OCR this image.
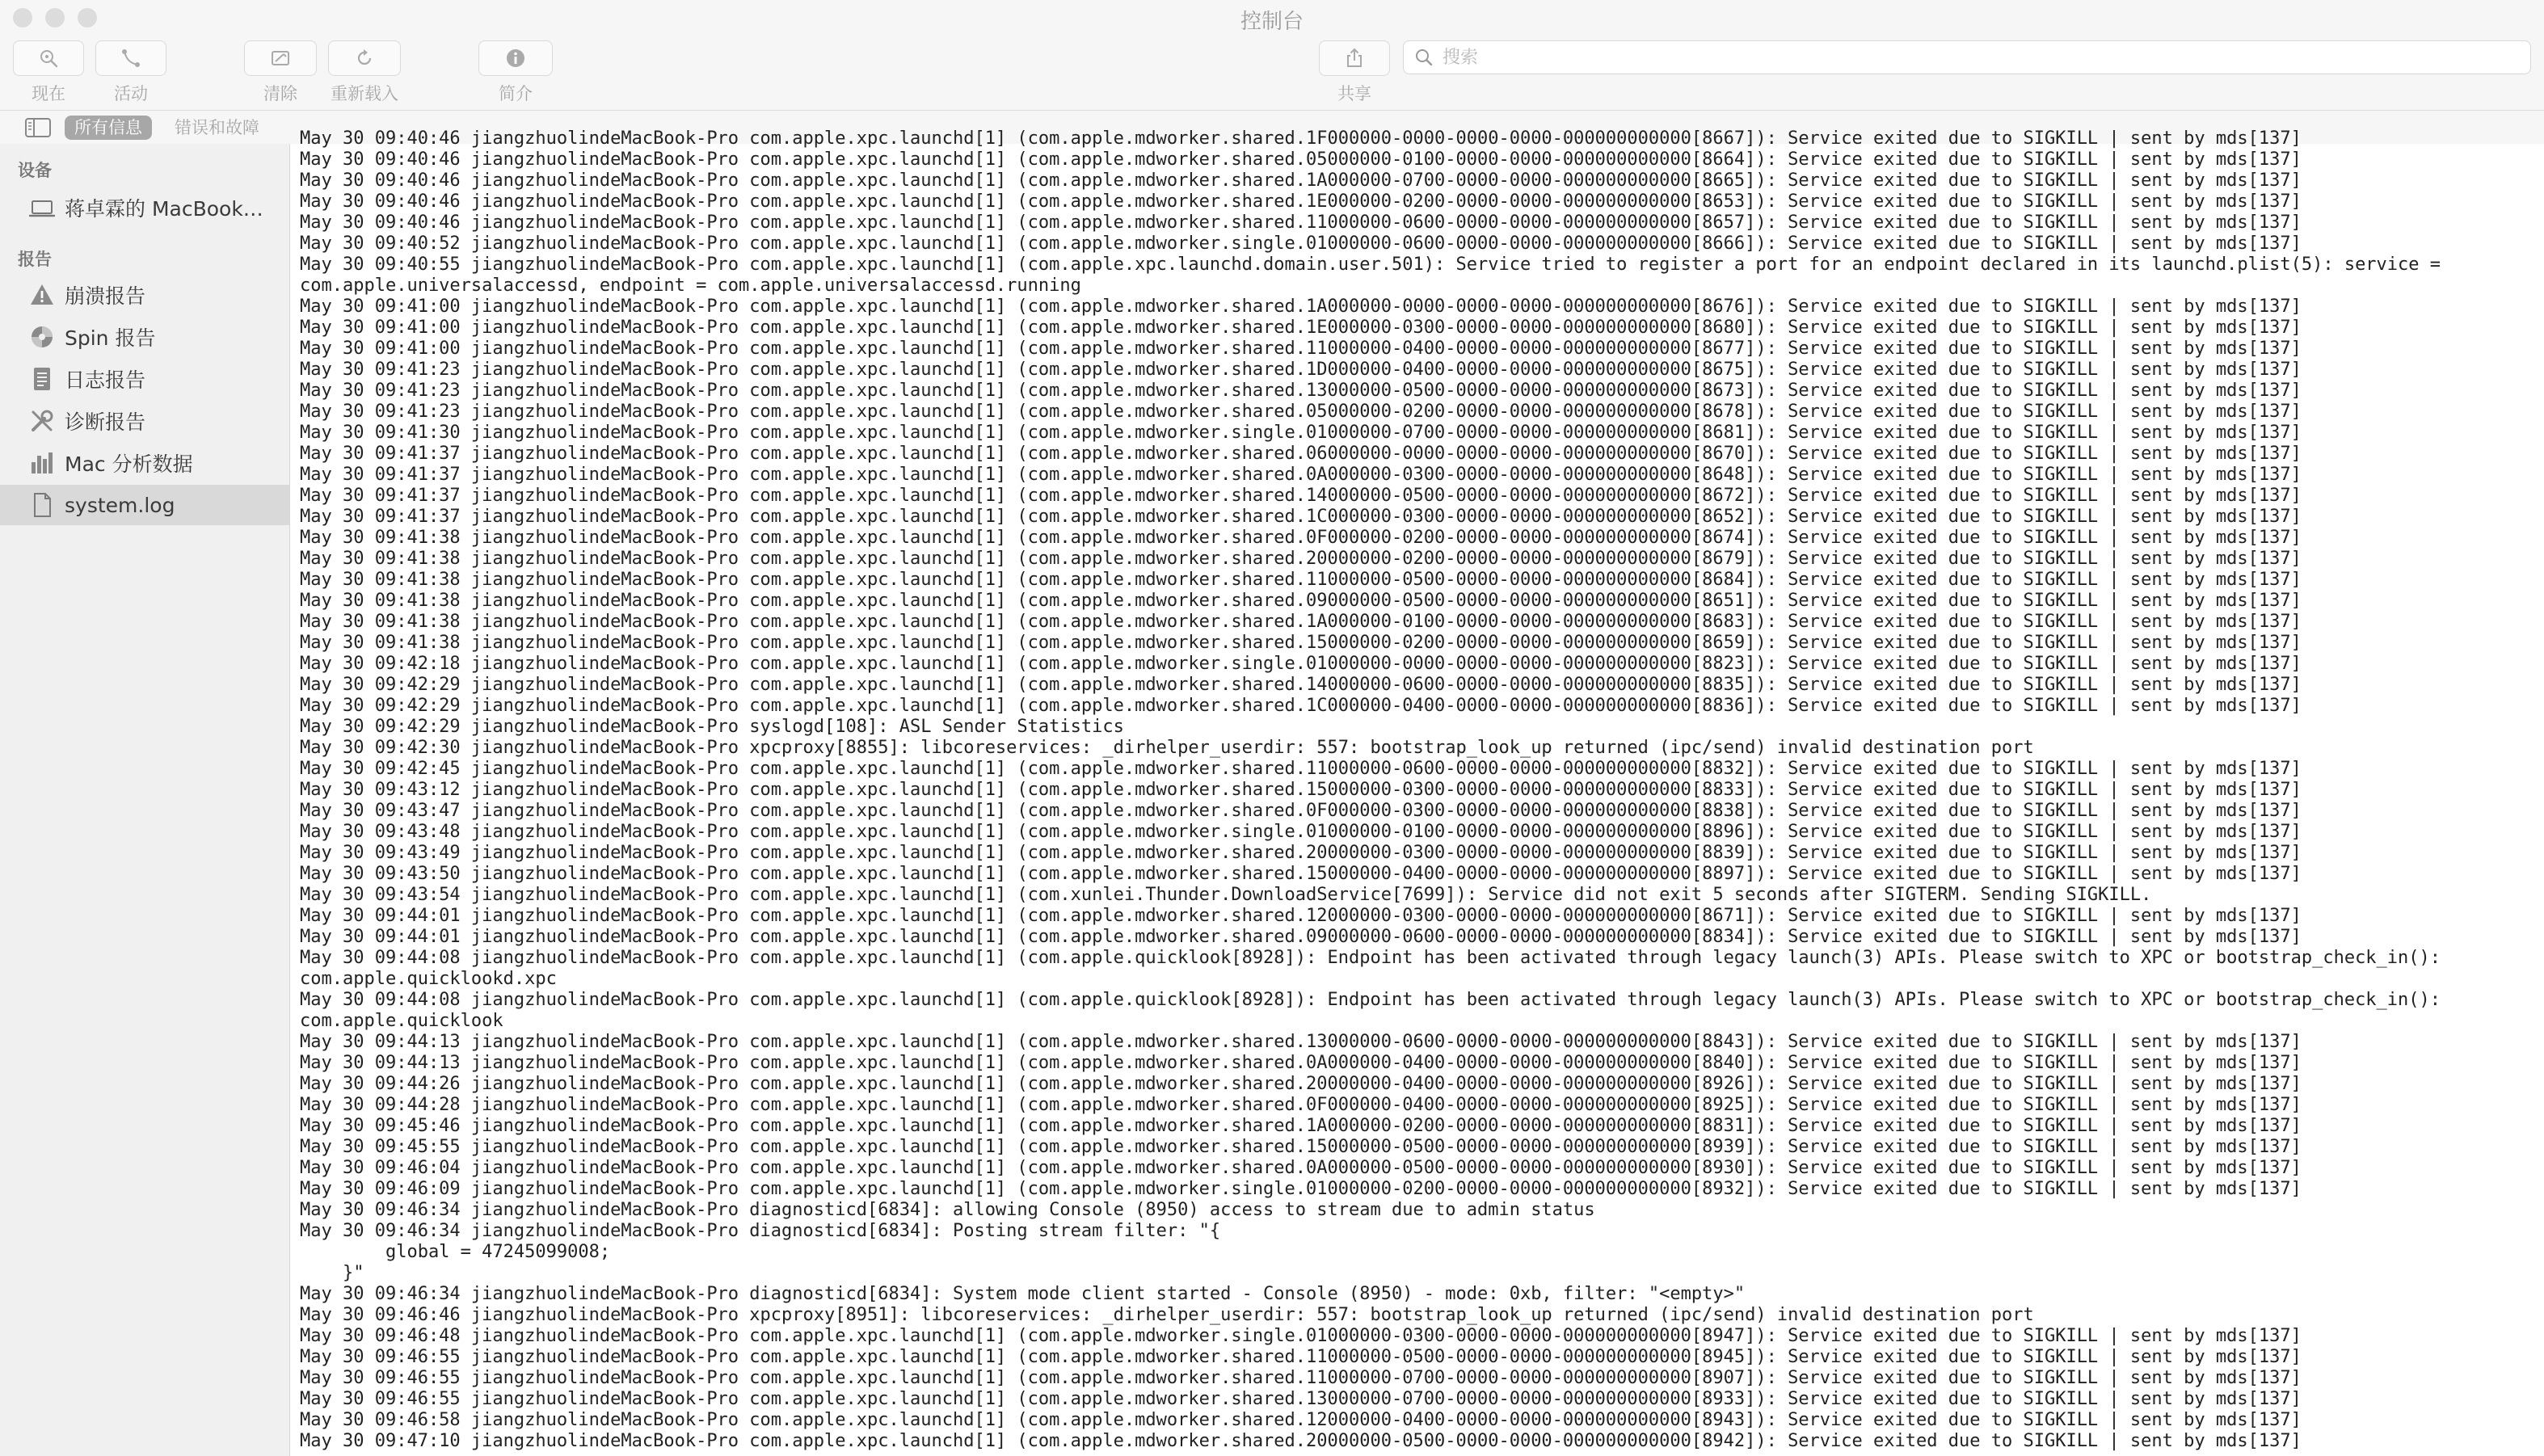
控制台
现在	活动	清除	重新载入	简介	共享
搜索
所有信息	错误和故障
设备
蒋卓霖的 MacBook…
报告
崩溃报告
Spin 报告
日志报告
诊断报告
Mac 分析数据
system.log
May 30 09:40:46 jiangzhuolindeMacBook-Pro com.apple.xpc.launchd[1] (com.apple.mdworker.shared.1F000000-0000-0000-0000-000000000000[8667]): Service exited due to SIGKILL | sent by mds[137]
May 30 09:40:46 jiangzhuolindeMacBook-Pro com.apple.xpc.launchd[1] (com.apple.mdworker.shared.05000000-0100-0000-0000-000000000000[8664]): Service exited due to SIGKILL | sent by mds[137]
May 30 09:40:46 jiangzhuolindeMacBook-Pro com.apple.xpc.launchd[1] (com.apple.mdworker.shared.1A000000-0700-0000-0000-000000000000[8665]): Service exited due to SIGKILL | sent by mds[137]
May 30 09:40:46 jiangzhuolindeMacBook-Pro com.apple.xpc.launchd[1] (com.apple.mdworker.shared.1E000000-0200-0000-0000-000000000000[8653]): Service exited due to SIGKILL | sent by mds[137]
May 30 09:40:46 jiangzhuolindeMacBook-Pro com.apple.xpc.launchd[1] (com.apple.mdworker.shared.11000000-0600-0000-0000-000000000000[8657]): Service exited due to SIGKILL | sent by mds[137]
May 30 09:40:52 jiangzhuolindeMacBook-Pro com.apple.xpc.launchd[1] (com.apple.mdworker.single.01000000-0600-0000-0000-000000000000[8666]): Service exited due to SIGKILL | sent by mds[137]
May 30 09:40:55 jiangzhuolindeMacBook-Pro com.apple.xpc.launchd[1] (com.apple.xpc.launchd.domain.user.501): Service tried to register a port for an endpoint declared in its launchd.plist(5): service =
com.apple.universalaccessd, endpoint = com.apple.universalaccessd.running
May 30 09:41:00 jiangzhuolindeMacBook-Pro com.apple.xpc.launchd[1] (com.apple.mdworker.shared.1A000000-0000-0000-0000-000000000000[8676]): Service exited due to SIGKILL | sent by mds[137]
May 30 09:41:00 jiangzhuolindeMacBook-Pro com.apple.xpc.launchd[1] (com.apple.mdworker.shared.1E000000-0300-0000-0000-000000000000[8680]): Service exited due to SIGKILL | sent by mds[137]
May 30 09:41:00 jiangzhuolindeMacBook-Pro com.apple.xpc.launchd[1] (com.apple.mdworker.shared.11000000-0400-0000-0000-000000000000[8677]): Service exited due to SIGKILL | sent by mds[137]
May 30 09:41:23 jiangzhuolindeMacBook-Pro com.apple.xpc.launchd[1] (com.apple.mdworker.shared.1D000000-0400-0000-0000-000000000000[8675]): Service exited due to SIGKILL | sent by mds[137]
May 30 09:41:23 jiangzhuolindeMacBook-Pro com.apple.xpc.launchd[1] (com.apple.mdworker.shared.13000000-0500-0000-0000-000000000000[8673]): Service exited due to SIGKILL | sent by mds[137]
May 30 09:41:23 jiangzhuolindeMacBook-Pro com.apple.xpc.launchd[1] (com.apple.mdworker.shared.05000000-0200-0000-0000-000000000000[8678]): Service exited due to SIGKILL | sent by mds[137]
May 30 09:41:30 jiangzhuolindeMacBook-Pro com.apple.xpc.launchd[1] (com.apple.mdworker.single.01000000-0700-0000-0000-000000000000[8681]): Service exited due to SIGKILL | sent by mds[137]
May 30 09:41:37 jiangzhuolindeMacBook-Pro com.apple.xpc.launchd[1] (com.apple.mdworker.shared.06000000-0000-0000-0000-000000000000[8670]): Service exited due to SIGKILL | sent by mds[137]
May 30 09:41:37 jiangzhuolindeMacBook-Pro com.apple.xpc.launchd[1] (com.apple.mdworker.shared.0A000000-0300-0000-0000-000000000000[8648]): Service exited due to SIGKILL | sent by mds[137]
May 30 09:41:37 jiangzhuolindeMacBook-Pro com.apple.xpc.launchd[1] (com.apple.mdworker.shared.14000000-0500-0000-0000-000000000000[8672]): Service exited due to SIGKILL | sent by mds[137]
May 30 09:41:37 jiangzhuolindeMacBook-Pro com.apple.xpc.launchd[1] (com.apple.mdworker.shared.1C000000-0300-0000-0000-000000000000[8652]): Service exited due to SIGKILL | sent by mds[137]
May 30 09:41:38 jiangzhuolindeMacBook-Pro com.apple.xpc.launchd[1] (com.apple.mdworker.shared.0F000000-0200-0000-0000-000000000000[8674]): Service exited due to SIGKILL | sent by mds[137]
May 30 09:41:38 jiangzhuolindeMacBook-Pro com.apple.xpc.launchd[1] (com.apple.mdworker.shared.20000000-0200-0000-0000-000000000000[8679]): Service exited due to SIGKILL | sent by mds[137]
May 30 09:41:38 jiangzhuolindeMacBook-Pro com.apple.xpc.launchd[1] (com.apple.mdworker.shared.11000000-0500-0000-0000-000000000000[8684]): Service exited due to SIGKILL | sent by mds[137]
May 30 09:41:38 jiangzhuolindeMacBook-Pro com.apple.xpc.launchd[1] (com.apple.mdworker.shared.09000000-0500-0000-0000-000000000000[8651]): Service exited due to SIGKILL | sent by mds[137]
May 30 09:41:38 jiangzhuolindeMacBook-Pro com.apple.xpc.launchd[1] (com.apple.mdworker.shared.1A000000-0100-0000-0000-000000000000[8683]): Service exited due to SIGKILL | sent by mds[137]
May 30 09:41:38 jiangzhuolindeMacBook-Pro com.apple.xpc.launchd[1] (com.apple.mdworker.shared.15000000-0200-0000-0000-000000000000[8659]): Service exited due to SIGKILL | sent by mds[137]
May 30 09:42:18 jiangzhuolindeMacBook-Pro com.apple.xpc.launchd[1] (com.apple.mdworker.single.01000000-0000-0000-0000-000000000000[8823]): Service exited due to SIGKILL | sent by mds[137]
May 30 09:42:29 jiangzhuolindeMacBook-Pro com.apple.xpc.launchd[1] (com.apple.mdworker.shared.14000000-0600-0000-0000-000000000000[8835]): Service exited due to SIGKILL | sent by mds[137]
May 30 09:42:29 jiangzhuolindeMacBook-Pro com.apple.xpc.launchd[1] (com.apple.mdworker.shared.1C000000-0400-0000-0000-000000000000[8836]): Service exited due to SIGKILL | sent by mds[137]
May 30 09:42:29 jiangzhuolindeMacBook-Pro syslogd[108]: ASL Sender Statistics
May 30 09:42:30 jiangzhuolindeMacBook-Pro xpcproxy[8855]: libcoreservices: _dirhelper_userdir: 557: bootstrap_look_up returned (ipc/send) invalid destination port
May 30 09:42:45 jiangzhuolindeMacBook-Pro com.apple.xpc.launchd[1] (com.apple.mdworker.shared.11000000-0600-0000-0000-000000000000[8832]): Service exited due to SIGKILL | sent by mds[137]
May 30 09:43:12 jiangzhuolindeMacBook-Pro com.apple.xpc.launchd[1] (com.apple.mdworker.shared.15000000-0300-0000-0000-000000000000[8833]): Service exited due to SIGKILL | sent by mds[137]
May 30 09:43:47 jiangzhuolindeMacBook-Pro com.apple.xpc.launchd[1] (com.apple.mdworker.shared.0F000000-0300-0000-0000-000000000000[8838]): Service exited due to SIGKILL | sent by mds[137]
May 30 09:43:48 jiangzhuolindeMacBook-Pro com.apple.xpc.launchd[1] (com.apple.mdworker.single.01000000-0100-0000-0000-000000000000[8896]): Service exited due to SIGKILL | sent by mds[137]
May 30 09:43:49 jiangzhuolindeMacBook-Pro com.apple.xpc.launchd[1] (com.apple.mdworker.shared.20000000-0300-0000-0000-000000000000[8839]): Service exited due to SIGKILL | sent by mds[137]
May 30 09:43:50 jiangzhuolindeMacBook-Pro com.apple.xpc.launchd[1] (com.apple.mdworker.shared.15000000-0400-0000-0000-000000000000[8897]): Service exited due to SIGKILL | sent by mds[137]
May 30 09:43:54 jiangzhuolindeMacBook-Pro com.apple.xpc.launchd[1] (com.xunlei.Thunder.DownloadService[7699]): Service did not exit 5 seconds after SIGTERM. Sending SIGKILL.
May 30 09:44:01 jiangzhuolindeMacBook-Pro com.apple.xpc.launchd[1] (com.apple.mdworker.shared.12000000-0300-0000-0000-000000000000[8671]): Service exited due to SIGKILL | sent by mds[137]
May 30 09:44:01 jiangzhuolindeMacBook-Pro com.apple.xpc.launchd[1] (com.apple.mdworker.shared.09000000-0600-0000-0000-000000000000[8834]): Service exited due to SIGKILL | sent by mds[137]
May 30 09:44:08 jiangzhuolindeMacBook-Pro com.apple.xpc.launchd[1] (com.apple.quicklook[8928]): Endpoint has been activated through legacy launch(3) APIs. Please switch to XPC or bootstrap_check_in():
com.apple.quicklookd.xpc
May 30 09:44:08 jiangzhuolindeMacBook-Pro com.apple.xpc.launchd[1] (com.apple.quicklook[8928]): Endpoint has been activated through legacy launch(3) APIs. Please switch to XPC or bootstrap_check_in():
com.apple.quicklook
May 30 09:44:13 jiangzhuolindeMacBook-Pro com.apple.xpc.launchd[1] (com.apple.mdworker.shared.13000000-0600-0000-0000-000000000000[8843]): Service exited due to SIGKILL | sent by mds[137]
May 30 09:44:13 jiangzhuolindeMacBook-Pro com.apple.xpc.launchd[1] (com.apple.mdworker.shared.0A000000-0400-0000-0000-000000000000[8840]): Service exited due to SIGKILL | sent by mds[137]
May 30 09:44:26 jiangzhuolindeMacBook-Pro com.apple.xpc.launchd[1] (com.apple.mdworker.shared.20000000-0400-0000-0000-000000000000[8926]): Service exited due to SIGKILL | sent by mds[137]
May 30 09:44:28 jiangzhuolindeMacBook-Pro com.apple.xpc.launchd[1] (com.apple.mdworker.shared.0F000000-0400-0000-0000-000000000000[8925]): Service exited due to SIGKILL | sent by mds[137]
May 30 09:45:46 jiangzhuolindeMacBook-Pro com.apple.xpc.launchd[1] (com.apple.mdworker.shared.1A000000-0200-0000-0000-000000000000[8831]): Service exited due to SIGKILL | sent by mds[137]
May 30 09:45:55 jiangzhuolindeMacBook-Pro com.apple.xpc.launchd[1] (com.apple.mdworker.shared.15000000-0500-0000-0000-000000000000[8939]): Service exited due to SIGKILL | sent by mds[137]
May 30 09:46:04 jiangzhuolindeMacBook-Pro com.apple.xpc.launchd[1] (com.apple.mdworker.shared.0A000000-0500-0000-0000-000000000000[8930]): Service exited due to SIGKILL | sent by mds[137]
May 30 09:46:09 jiangzhuolindeMacBook-Pro com.apple.xpc.launchd[1] (com.apple.mdworker.single.01000000-0200-0000-0000-000000000000[8932]): Service exited due to SIGKILL | sent by mds[137]
May 30 09:46:34 jiangzhuolindeMacBook-Pro diagnosticd[6834]: allowing Console (8950) access to stream due to admin status
May 30 09:46:34 jiangzhuolindeMacBook-Pro diagnosticd[6834]: Posting stream filter: "{
global = 47245099008;
}"
May 30 09:46:34 jiangzhuolindeMacBook-Pro diagnosticd[6834]: System mode client started - Console (8950) - mode: 0xb, filter: "<empty>"
May 30 09:46:46 jiangzhuolindeMacBook-Pro xpcproxy[8951]: libcoreservices: _dirhelper_userdir: 557: bootstrap_look_up returned (ipc/send) invalid destination port
May 30 09:46:48 jiangzhuolindeMacBook-Pro com.apple.xpc.launchd[1] (com.apple.mdworker.single.01000000-0300-0000-0000-000000000000[8947]): Service exited due to SIGKILL | sent by mds[137]
May 30 09:46:55 jiangzhuolindeMacBook-Pro com.apple.xpc.launchd[1] (com.apple.mdworker.shared.11000000-0500-0000-0000-000000000000[8945]): Service exited due to SIGKILL | sent by mds[137]
May 30 09:46:55 jiangzhuolindeMacBook-Pro com.apple.xpc.launchd[1] (com.apple.mdworker.shared.11000000-0700-0000-0000-000000000000[8907]): Service exited due to SIGKILL | sent by mds[137]
May 30 09:46:55 jiangzhuolindeMacBook-Pro com.apple.xpc.launchd[1] (com.apple.mdworker.shared.13000000-0700-0000-0000-000000000000[8933]): Service exited due to SIGKILL | sent by mds[137]
May 30 09:46:58 jiangzhuolindeMacBook-Pro com.apple.xpc.launchd[1] (com.apple.mdworker.shared.12000000-0400-0000-0000-000000000000[8943]): Service exited due to SIGKILL | sent by mds[137]
May 30 09:47:10 jiangzhuolindeMacBook-Pro com.apple.xpc.launchd[1] (com.apple.mdworker.shared.20000000-0500-0000-0000-000000000000[8942]): Service exited due to SIGKILL | sent by mds[137]
